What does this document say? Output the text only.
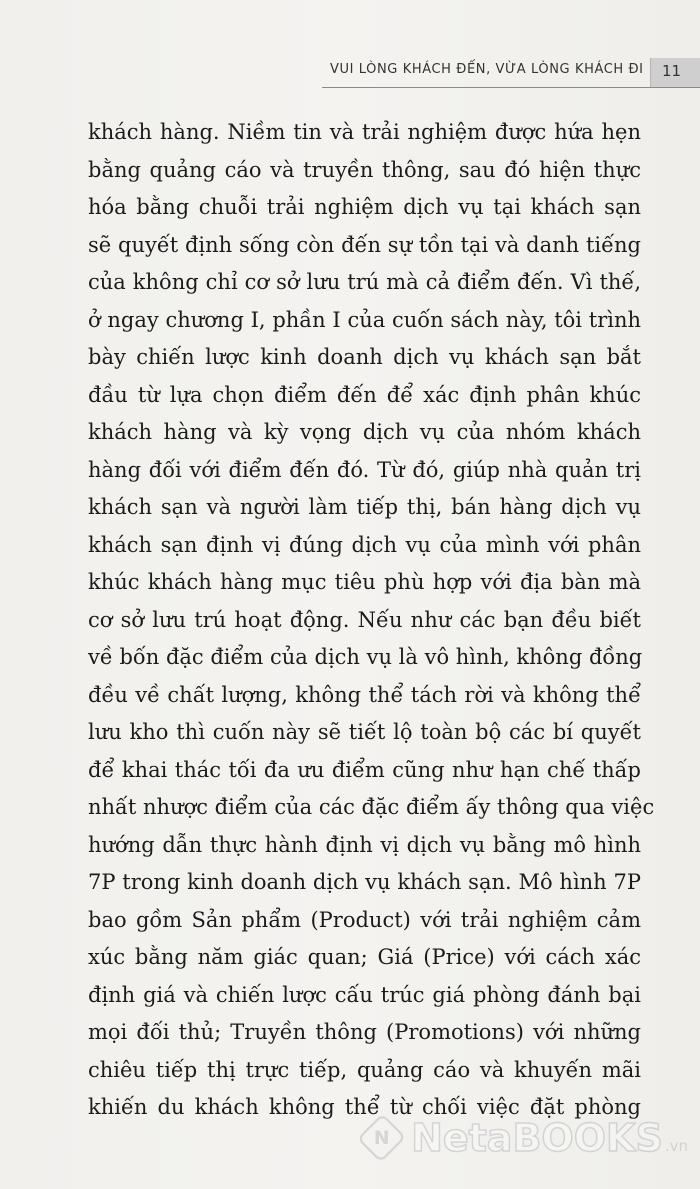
VUI LÒNG KHÁCH ĐẾN, VỪA LÒNG KHÁCH ĐI 11
khách hàng. Niềm tin và trải nghiệm được hứa hẹn
bằng quảng cáo và truyền thông, sau đó hiện thực
hóa bằng chuỗi trải nghiệm dịch vụ tại khách sạn
sẽ quyết định sống còn đến sự tồn tại và danh tiếng
của không chỉ cơ sở lưu trú mà cả điểm đến. Vì thế,
ở ngay chương I, phần I của cuốn sách này, tôi trình
bày chiến lược kinh doanh dịch vụ khách sạn bắt
đầu từ lựa chọn điểm đến để xác định phân khúc
khách hàng và kỳ vọng dịch vụ của nhóm khách
hàng đối với điểm đến đó. Từ đó, giúp nhà quản trị
khách sạn và người làm tiếp thị, bán hàng dịch vụ
khách sạn định vị đúng dịch vụ của mình với phân
khúc khách hàng mục tiêu phù hợp với địa bàn mà
cơ sở lưu trú hoạt động. Nếu như các bạn đều biết
về bốn đặc điểm của dịch vụ là vô hình, không đồng
đều về chất lượng, không thể tách rời và không thể
lưu kho thì cuốn này sẽ tiết lộ toàn bộ các bí quyết
để khai thác tối đa ưu điểm cũng như hạn chế thấp
nhất nhược điểm của các đặc điểm ấy thông qua việc
hướng dẫn thực hành định vị dịch vụ bằng mô hình
7P trong kinh doanh dịch vụ khách sạn. Mô hình 7P
bao gồm Sản phẩm (Product) với trải nghiệm cảm
xúc bằng năm giác quan; Giá (Price) với cách xác
định giá và chiến lược cấu trúc giá phòng đánh bại
mọi đối thủ; Truyền thông (Promotions) với những
chiêu tiếp thị trực tiếp, quảng cáo và khuyến mãi
khiến du khách không thể từ chối việc đặt phòng
N NetaBOOKS .vn
